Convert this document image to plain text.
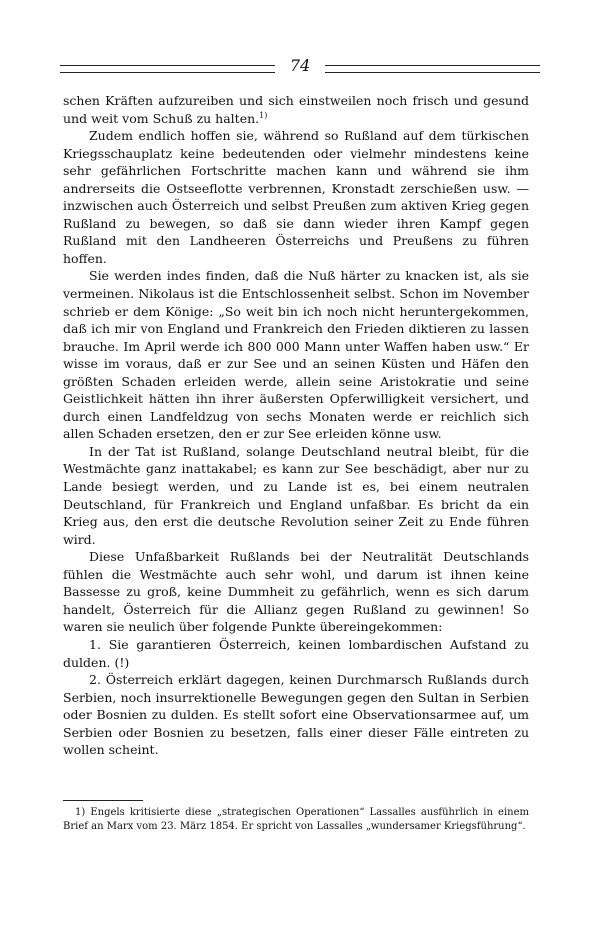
74

schen Kräften aufzureiben und sich einstweilen noch frisch und gesund und weit vom Schuß zu halten.$^{1)}$

Zudem endlich hoffen sie, während so Rußland auf dem türkischen Kriegsschauplatz keine bedeutenden oder vielmehr mindestens keine sehr gefährlichen Fortschritte machen kann und während sie ihm andrerseits die Ostseeflotte verbrennen, Kronstadt zerschießen usw. — inzwischen auch Österreich und selbst Preußen zum aktiven Krieg gegen Rußland zu bewegen, so daß sie dann wieder ihren Kampf gegen Rußland mit den Landheeren Österreichs und Preußens zu führen hoffen.

Sie werden indes finden, daß die Nuß härter zu knacken ist, als sie vermeinen. Nikolaus ist die Entschlossenheit selbst. Schon im November schrieb er dem Könige: „So weit bin ich noch nicht heruntergekommen, daß ich mir von England und Frankreich den Frieden diktieren zu lassen brauche. Im April werde ich 800 000 Mann unter Waffen haben usw.“ Er wisse im voraus, daß er zur See und an seinen Küsten und Häfen den größten Schaden erleiden werde, allein seine Aristokratie und seine Geistlichkeit hätten ihn ihrer äußersten Opferwilligkeit versichert, und durch einen Landfeldzug von sechs Monaten werde er reichlich sich allen Schaden ersetzen, den er zur See erleiden könne usw.

In der Tat ist Rußland, solange Deutschland neutral bleibt, für die Westmächte ganz inattakabel; es kann zur See beschädigt, aber nur zu Lande besiegt werden, und zu Lande ist es, bei einem neutralen Deutschland, für Frankreich und England unfaßbar. Es bricht da ein Krieg aus, den erst die deutsche Revolution seiner Zeit zu Ende führen wird.

Diese Unfaßbarkeit Rußlands bei der Neutralität Deutschlands fühlen die Westmächte auch sehr wohl, und darum ist ihnen keine Bassesse zu groß, keine Dummheit zu gefährlich, wenn es sich darum handelt, Österreich für die Allianz gegen Rußland zu gewinnen! So waren sie neulich über folgende Punkte übereingekommen:

1. Sie garantieren Österreich, keinen lombardischen Aufstand zu dulden. (!)

2. Österreich erklärt dagegen, keinen Durchmarsch Rußlands durch Serbien, noch insurrektionelle Bewegungen gegen den Sultan in Serbien oder Bosnien zu dulden. Es stellt sofort eine Observationsarmee auf, um Serbien oder Bosnien zu besetzen, falls einer dieser Fälle eintreten zu wollen scheint.

1) Engels kritisierte diese „strategischen Operationen“ Lassalles ausführlich in einem Brief an Marx vom 23. März 1854. Er spricht von Lassalles „wundersamer Kriegsführung“.
